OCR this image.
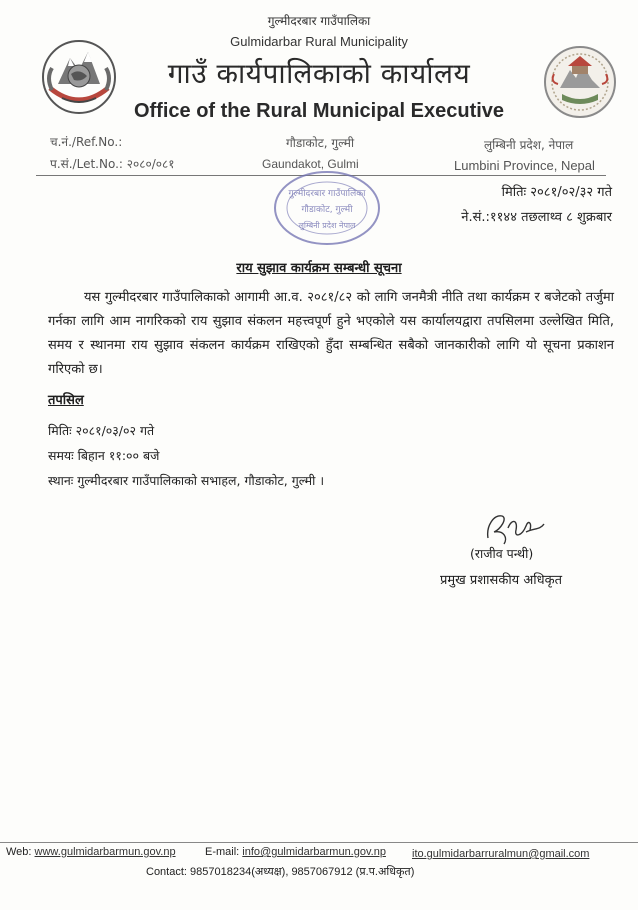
गुल्मीदरबार गाउँपालिका
Gulmidarbar Rural Municipality
गाउँ कार्यपालिकाको कार्यालय
Office of the Rural Municipal Executive
च.नं./Ref.No.:
प.सं./Let.No.: २०८०/०८१
गौडाकोट, गुल्मी
Gaundakot, Gulmi
लुम्बिनी प्रदेश, नेपाल
Lumbini Province, Nepal
गुल्मीदरबार गाउँपालिका
गौडाकोट, गुल्मी
लुम्बिनी प्रदेश नेपाल
मितिः २०८१/०२/३२ गते
ने.सं.:११४४ तछलाथ्व ८ शुक्रबार
राय सुझाव कार्यक्रम सम्बन्धी सूचना
यस गुल्मीदरबार गाउँपालिकाको आगामी आ.व. २०८१/८२ को लागि जनमैत्री नीति तथा कार्यक्रम र बजेटको तर्जुमा गर्नका लागि आम नागरिकको राय सुझाव संकलन महत्त्वपूर्ण हुने भएकोले यस कार्यालयद्वारा तपसिलमा उल्लेखित मिति, समय र स्थानमा राय सुझाव संकलन कार्यक्रम राखिएको हुँदा सम्बन्धित सबैको जानकारीको लागि यो सूचना प्रकाशन गरिएको छ।
तपसिल
मितिः २०८१/०३/०२ गते
समयः बिहान ११:०० बजे
स्थानः गुल्मीदरबार गाउँपालिकाको सभाहल, गौडाकोट, गुल्मी ।
(राजीव पन्थी)
प्रमुख प्रशासकीय अधिकृत
Web: www.gulmidarbarmun.gov.np	E-mail: info@gulmidarbarmun.gov.np ito.gulmidarbarruralmun@gmail.com
Contact: 9857018234(अध्यक्ष), 9857067912 (प्र.प.अधिकृत)
